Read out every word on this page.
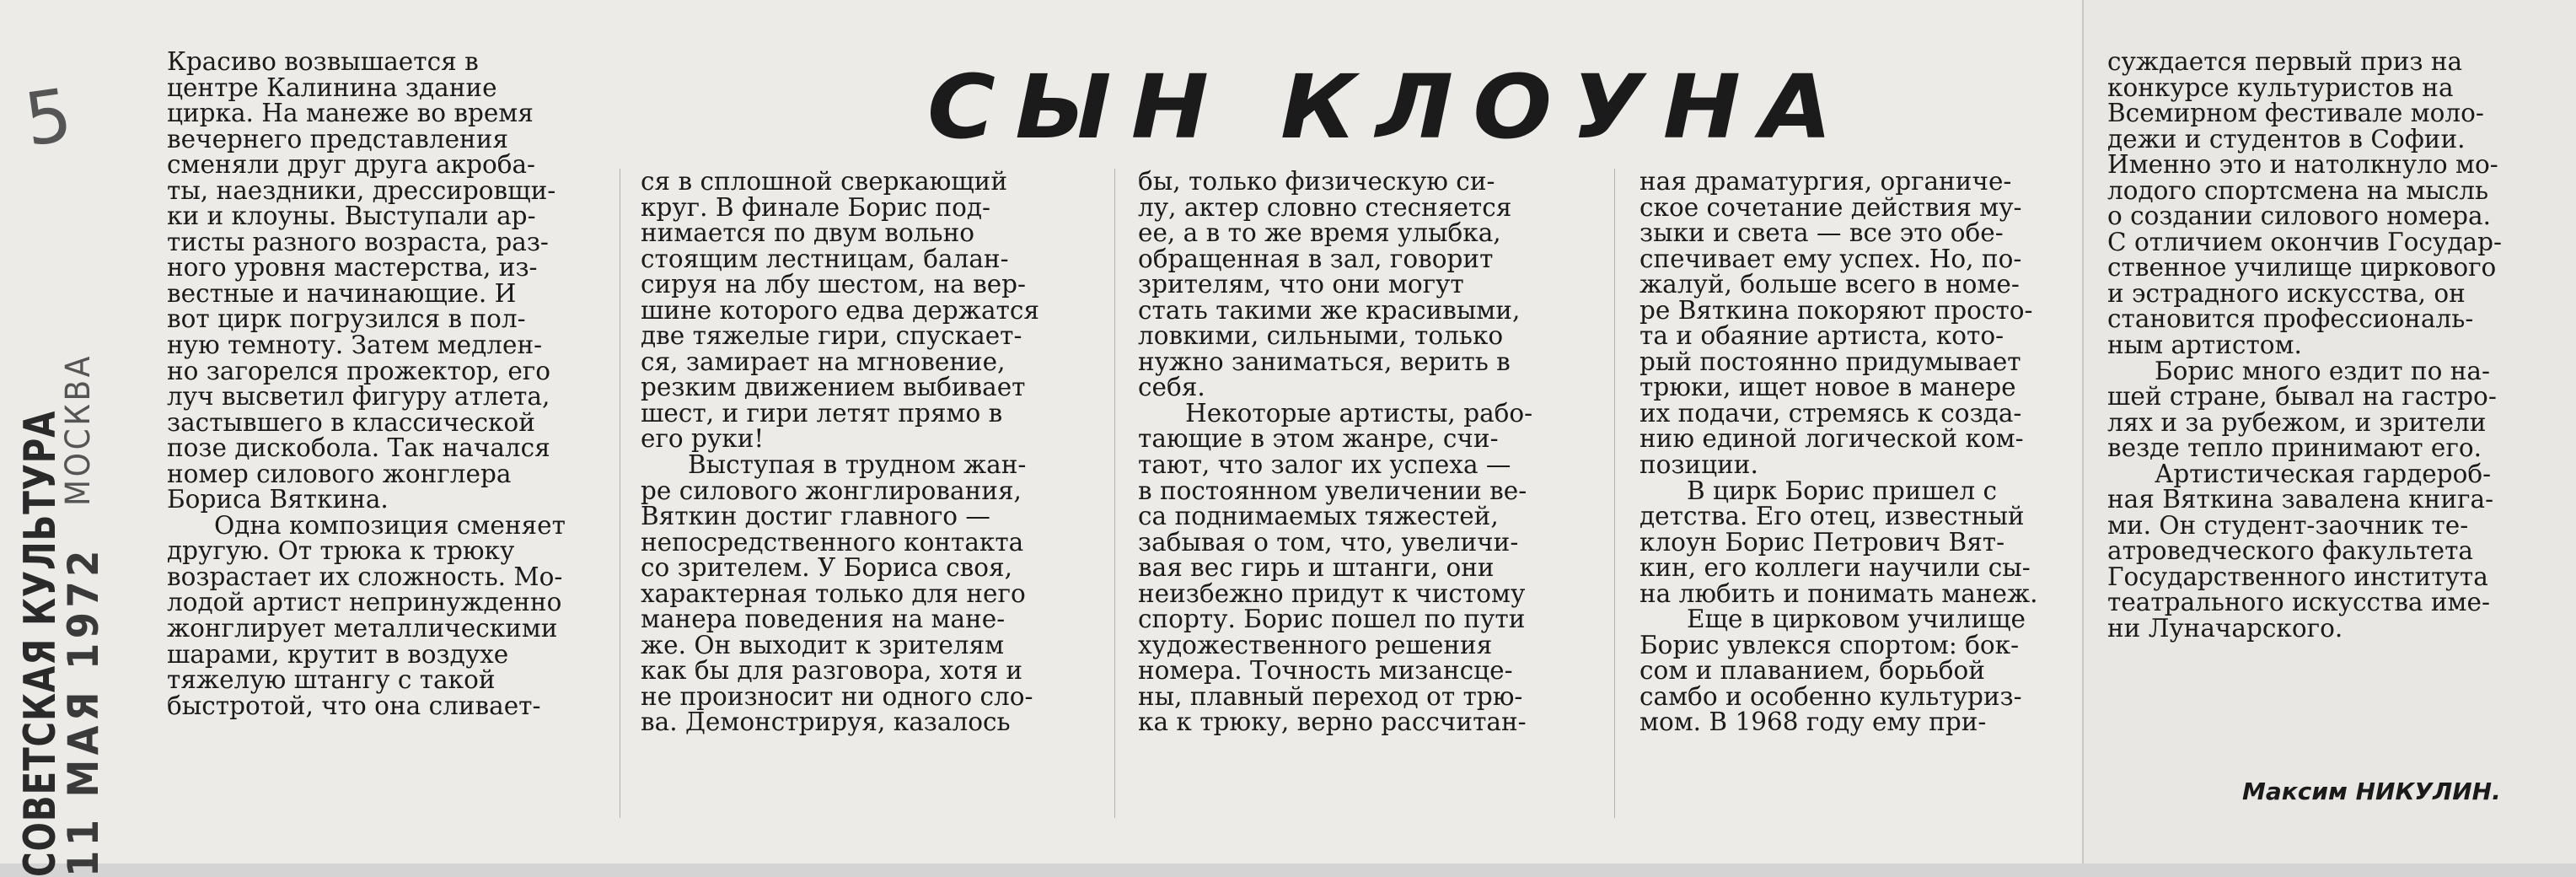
5
СОВЕТСКАЯ КУЛЬТУРА
11 МАЯ 1972
МОСКВА
СЫН КЛОУНА
Красиво возвышается в
центре Калинина здание
цирка. На манеже во время
вечернего представления
сменяли друг друга акроба-
ты, наездники, дрессировщи-
ки и клоуны. Выступали ар-
тисты разного возраста, раз-
ного уровня мастерства, из-
вестные и начинающие. И
вот цирк погрузился в пол-
ную темноту. Затем медлен-
но загорелся прожектор, его
луч высветил фигуру атлета,
застывшего в классической
позе дискобола. Так начался
номер силового жонглера
Бориса Вяткина.
Одна композиция сменяет
другую. От трюка к трюку
возрастает их сложность. Мо-
лодой артист непринужденно
жонглирует металлическими
шарами, крутит в воздухе
тяжелую штангу с такой
быстротой, что она сливает-
ся в сплошной сверкающий
круг. В финале Борис под-
нимается по двум вольно
стоящим лестницам, балан-
сируя на лбу шестом, на вер-
шине которого едва держатся
две тяжелые гири, спускает-
ся, замирает на мгновение,
резким движением выбивает
шест, и гири летят прямо в
его руки!
Выступая в трудном жан-
ре силового жонглирования,
Вяткин достиг главного —
непосредственного контакта
со зрителем. У Бориса своя,
характерная только для него
манера поведения на мане-
же. Он выходит к зрителям
как бы для разговора, хотя и
не произносит ни одного сло-
ва. Демонстрируя, казалось
бы, только физическую си-
лу, актер словно стесняется
ее, а в то же время улыбка,
обращенная в зал, говорит
зрителям, что они могут
стать такими же красивыми,
ловкими, сильными, только
нужно заниматься, верить в
себя.
Некоторые артисты, рабо-
тающие в этом жанре, счи-
тают, что залог их успеха —
в постоянном увеличении ве-
са поднимаемых тяжестей,
забывая о том, что, увеличи-
вая вес гирь и штанги, они
неизбежно придут к чистому
спорту. Борис пошел по пути
художественного решения
номера. Точность мизансце-
ны, плавный переход от трю-
ка к трюку, верно рассчитан-
ная драматургия, органиче-
ское сочетание действия му-
зыки и света — все это обе-
спечивает ему успех. Но, по-
жалуй, больше всего в номе-
ре Вяткина покоряют просто-
та и обаяние артиста, кото-
рый постоянно придумывает
трюки, ищет новое в манере
их подачи, стремясь к созда-
нию единой логической ком-
позиции.
В цирк Борис пришел с
детства. Его отец, известный
клоун Борис Петрович Вят-
кин, его коллеги научили сы-
на любить и понимать манеж.
Еще в цирковом училище
Борис увлекся спортом: бок-
сом и плаванием, борьбой
самбо и особенно культуриз-
мом. В 1968 году ему при-
суждается первый приз на
конкурсе культуристов на
Всемирном фестивале моло-
дежи и студентов в Софии.
Именно это и натолкнуло мо-
лодого спортсмена на мысль
о создании силового номера.
С отличием окончив Государ-
ственное училище циркового
и эстрадного искусства, он
становится профессиональ-
ным артистом.
Борис много ездит по на-
шей стране, бывал на гастро-
лях и за рубежом, и зрители
везде тепло принимают его.
Артистическая гардероб-
ная Вяткина завалена книга-
ми. Он студент-заочник те-
атроведческого факультета
Государственного института
театрального искусства име-
ни Луначарского.
Максим НИКУЛИН.
